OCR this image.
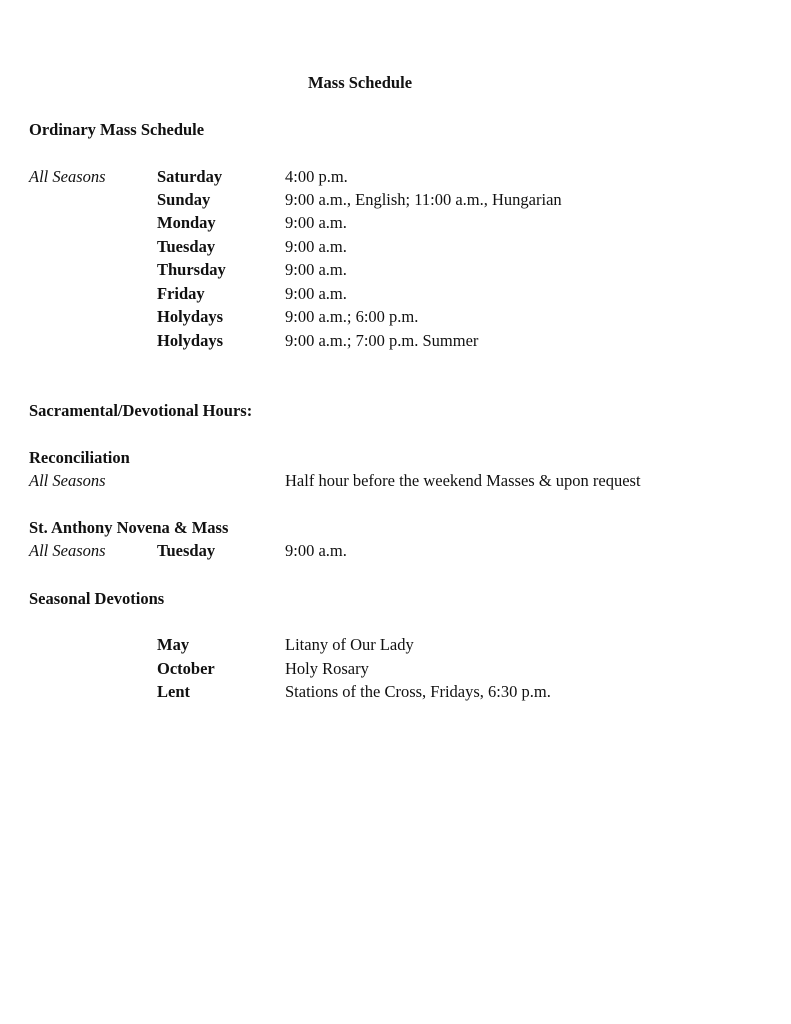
Mass Schedule
Ordinary Mass Schedule
All Seasons	Saturday	4:00 p.m.
Sunday	9:00 a.m., English; 11:00 a.m., Hungarian
Monday	9:00 a.m.
Tuesday	9:00 a.m.
Thursday	9:00 a.m.
Friday	9:00 a.m.
Holydays	9:00 a.m.; 6:00 p.m.
Holydays	9:00 a.m.; 7:00 p.m. Summer
Sacramental/Devotional Hours:
Reconciliation
All Seasons	Half hour before the weekend Masses & upon request
St. Anthony Novena & Mass
All Seasons	Tuesday	9:00 a.m.
Seasonal Devotions
May	Litany of Our Lady
October	Holy Rosary
Lent	Stations of the Cross, Fridays, 6:30 p.m.
